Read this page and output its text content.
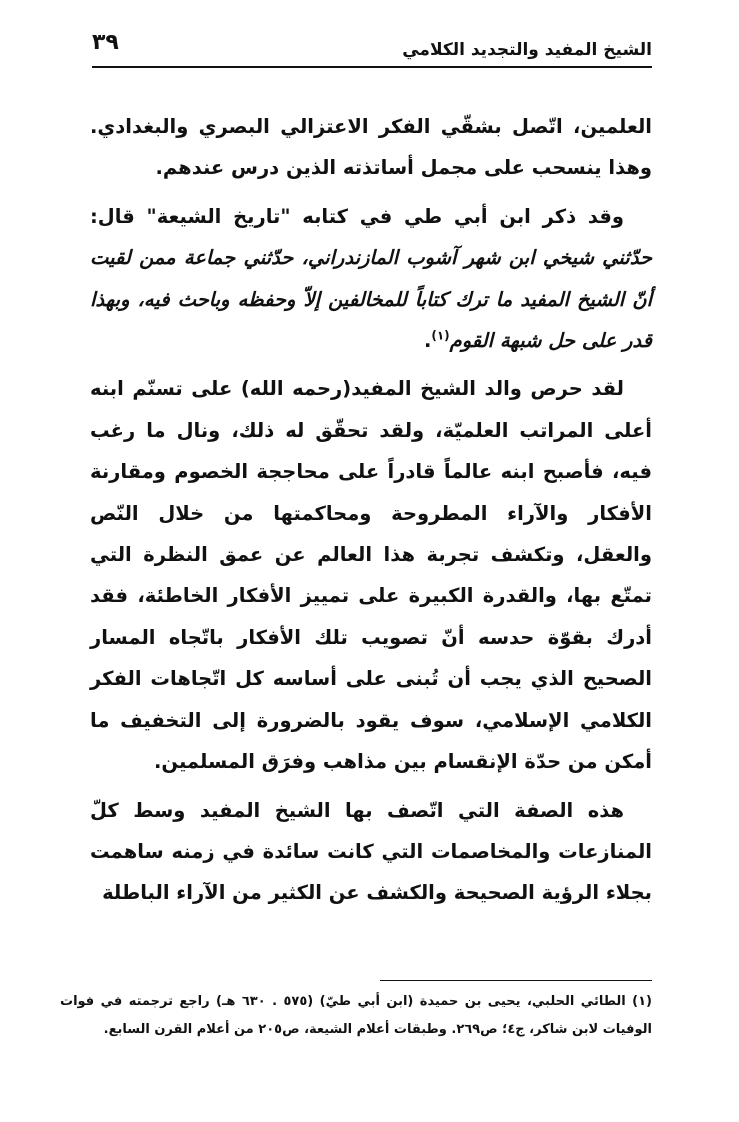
٣٩	الشيخ المفيد والتجديد الكلامي

العلمين، اتّصل بشقّي الفكر الاعتزالي البصري والبغدادي. وهذا ينسحب على مجمل أساتذته الذين درس عندهم.

وقد ذكر ابن أبي طي في كتابه "تاريخ الشيعة" قال: حدّثني شيخي ابن شهر آشوب المازندراني، حدّثني جماعة ممن لقيت أنّ الشيخ المفيد ما ترك كتاباً للمخالفين إلاّ وحفظه وباحث فيه، وبهذا قدر على حل شبهة القوم$^{(١)}$.

لقد حرص والد الشيخ المفيد(رحمه الله) على تسنّم ابنه أعلى المراتب العلميّة، ولقد تحقّق له ذلك، ونال ما رغب فيه، فأصبح ابنه عالماً قادراً على محاججة الخصوم ومقارنة الأفكار والآراء المطروحة ومحاكمتها من خلال النّص والعقل، وتكشف تجربة هذا العالم عن عمق النظرة التي تمتّع بها، والقدرة الكبيرة على تمييز الأفكار الخاطئة، فقد أدرك بقوّة حدسه أنّ تصويب تلك الأفكار باتّجاه المسار الصحيح الذي يجب أن تُبنى على أساسه كل اتّجاهات الفكر الكلامي الإسلامي، سوف يقود بالضرورة إلى التخفيف ما أمكن من حدّة الإنقسام بين مذاهب وفرَق المسلمين.

هذه الصفة التي اتّصف بها الشيخ المفيد وسط كلّ المنازعات والمخاصمات التي كانت سائدة في زمنه ساهمت بجلاء الرؤية الصحيحة والكشف عن الكثير من الآراء الباطلة

(١) الطائي الحلبي، يحيى بن حميدة (ابن أبي طيّ) (٥٧٥ . ٦٣٠ هـ) راجع ترجمته في فوات الوفيات لابن شاكر، ج٤؛ ص٢٦٩. وطبقات أعلام الشيعة، ص٢٠٥ من أعلام القرن السابع.
